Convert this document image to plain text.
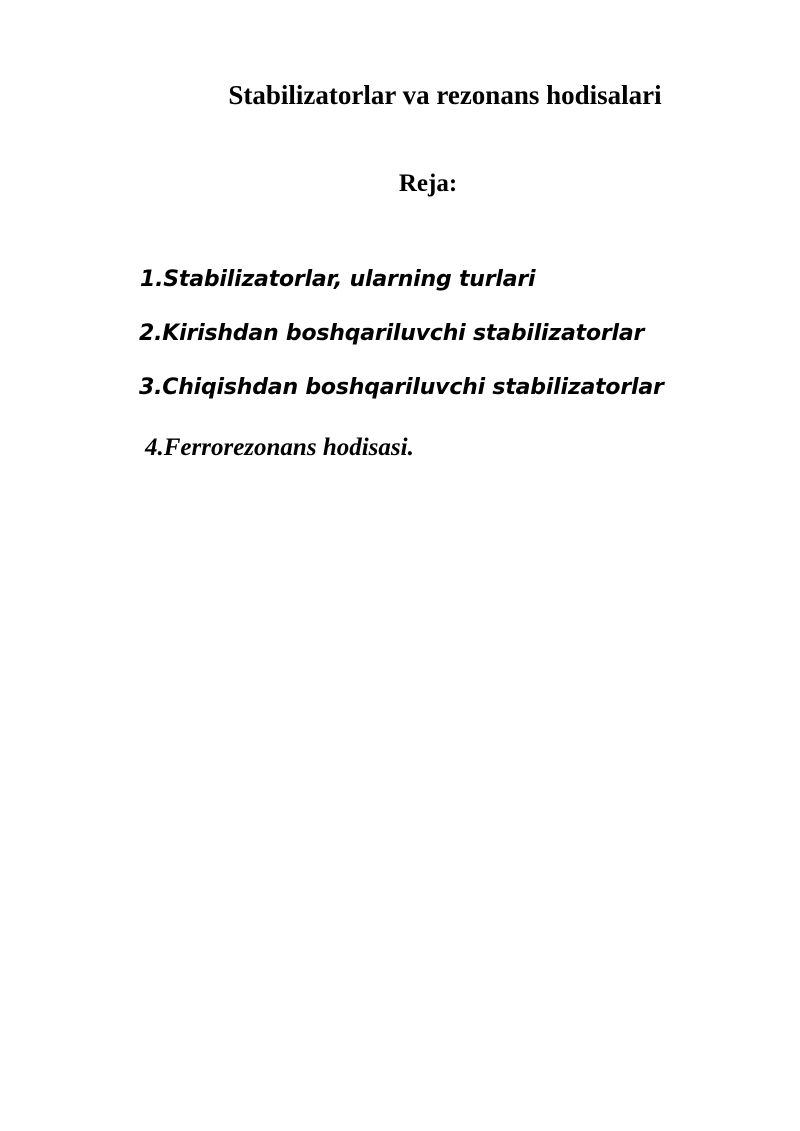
Stabilizatorlar va rezonans hodisalari
Reja:
1.Stabilizatorlar, ularning turlari
2.Kirishdan boshqariluvchi stabilizatorlar
3.Chiqishdan boshqariluvchi stabilizatorlar
4.Ferrorezonans hodisasi.
